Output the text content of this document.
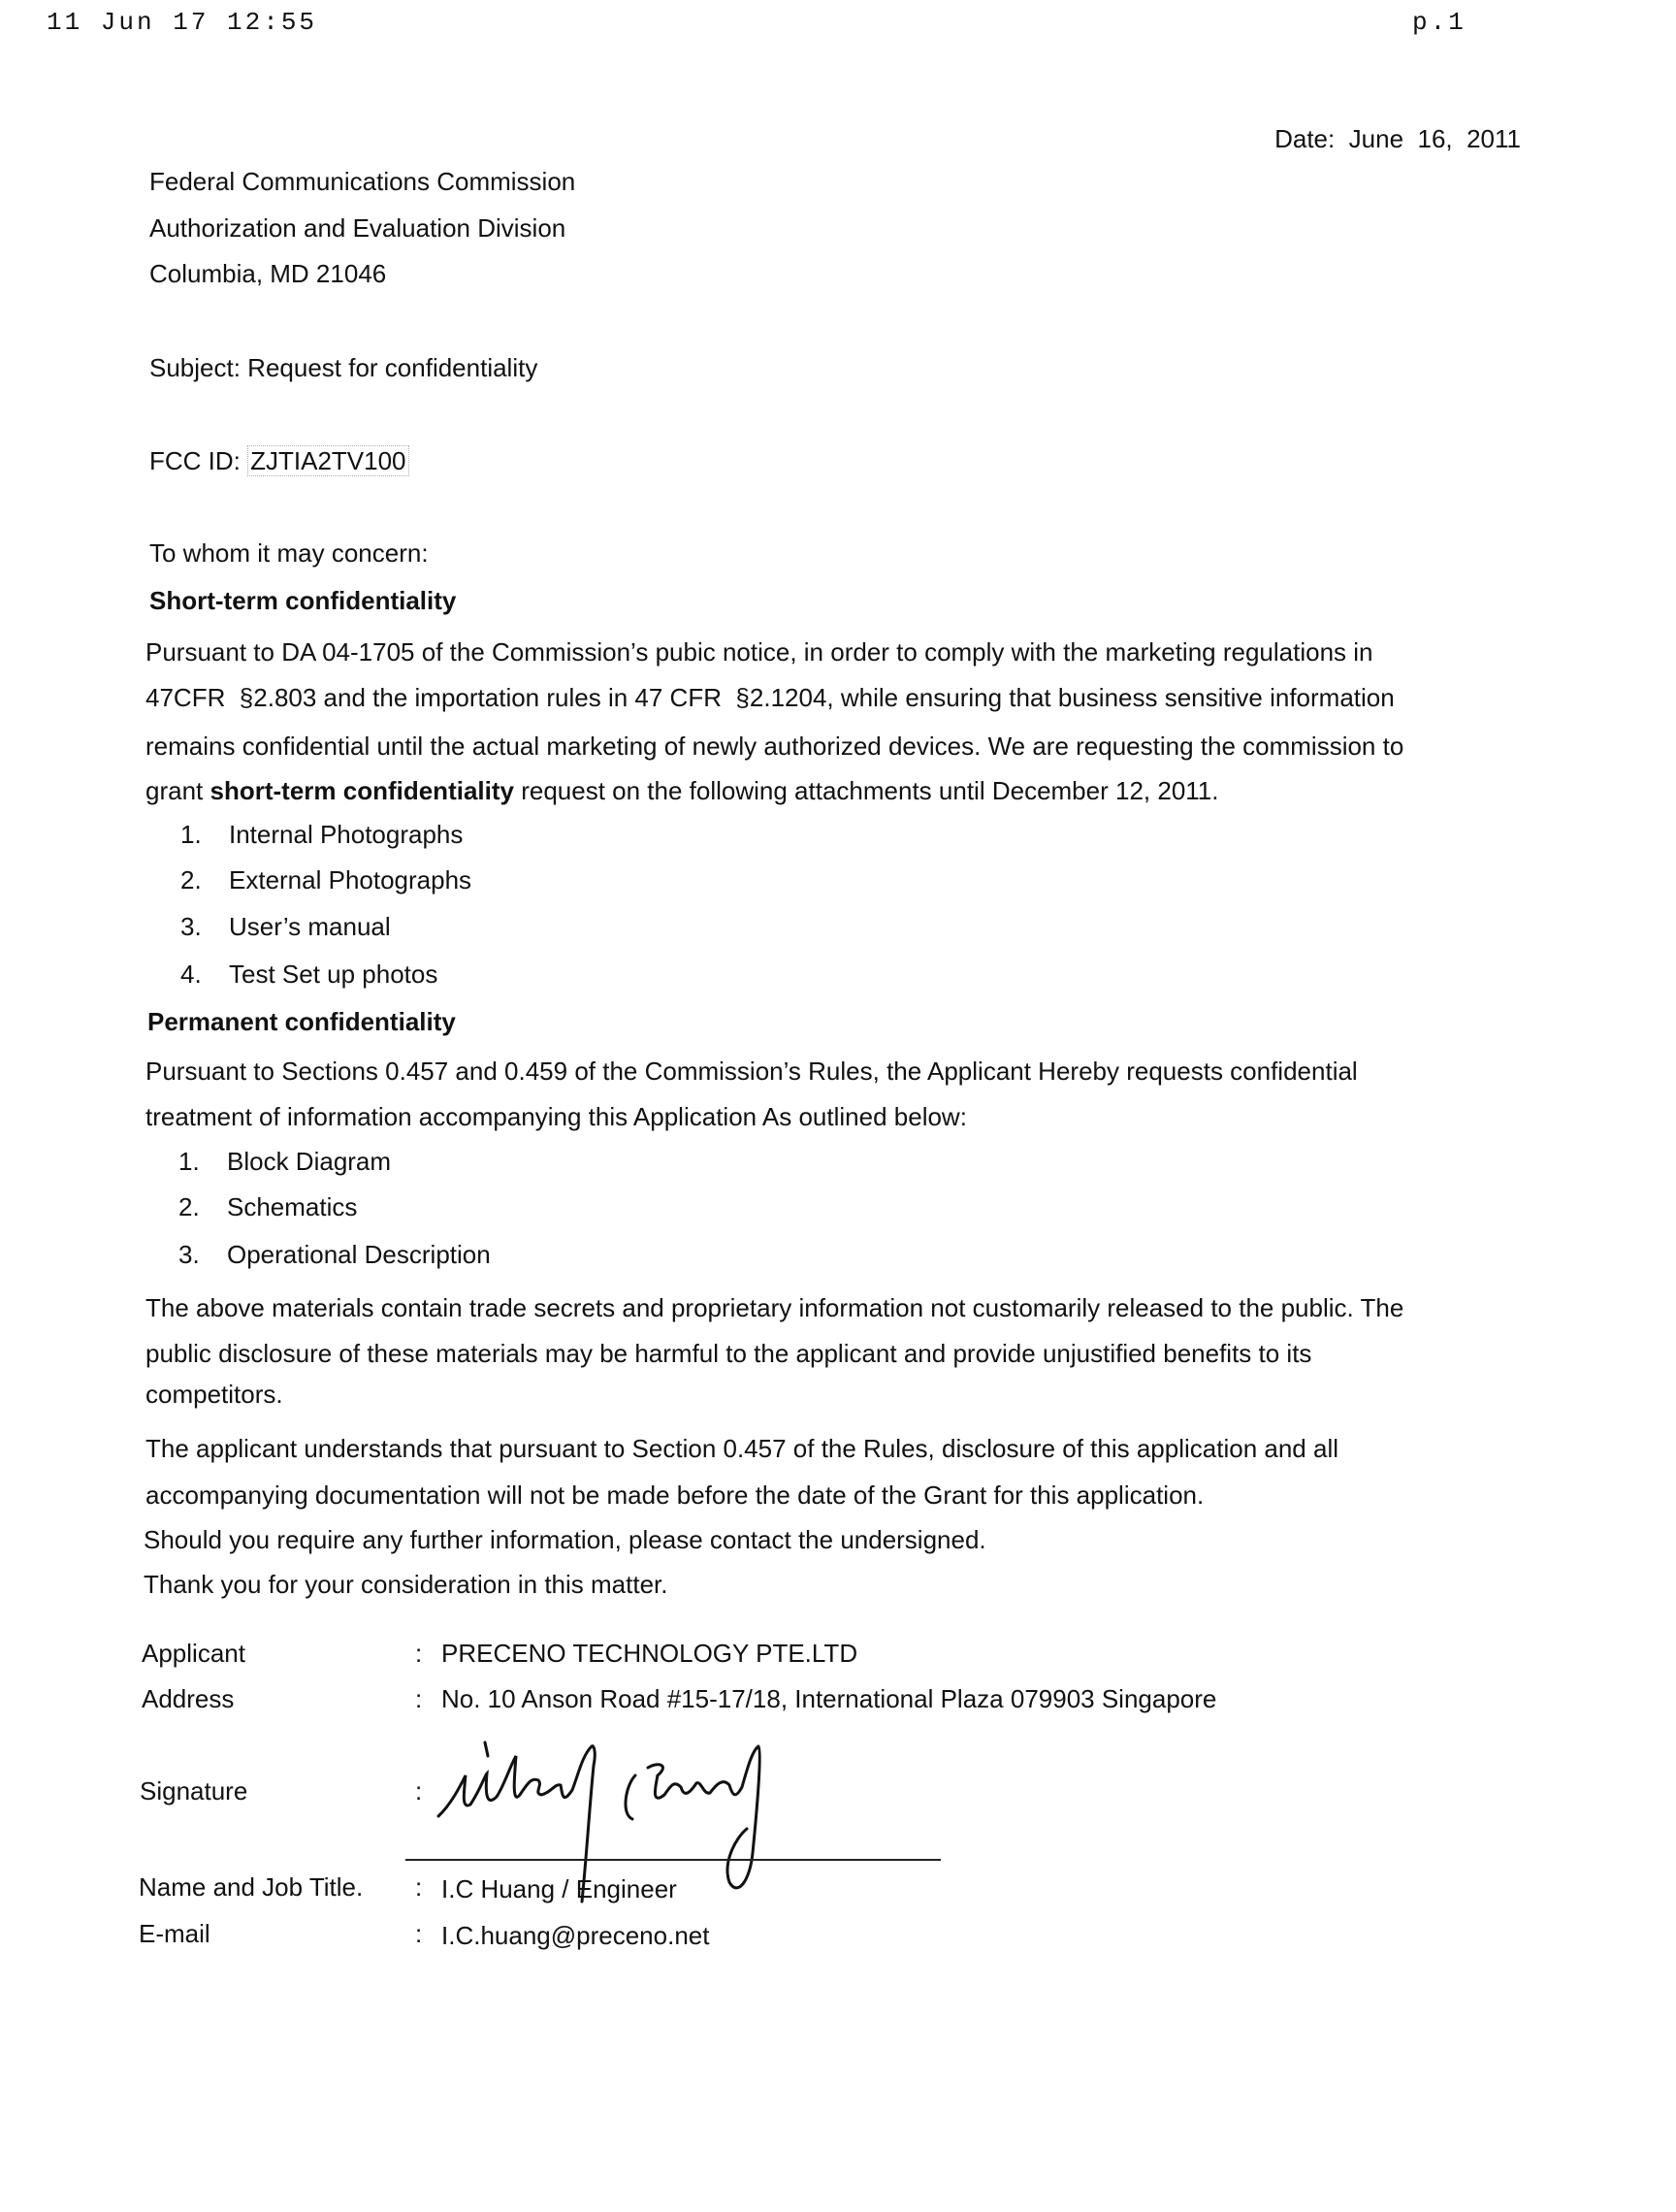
11 Jun 17 12:55	p.1
Date:  June  16,  2011
Federal Communications Commission
Authorization and Evaluation Division
Columbia, MD 21046
Subject: Request for confidentiality
FCC ID: ZJTIA2TV100
To whom it may concern:
Short-term confidentiality
Pursuant to DA 04-1705 of the Commission’s pubic notice, in order to comply with the marketing regulations in
47CFR  §2.803 and the importation rules in 47 CFR  §2.1204, while ensuring that business sensitive information
remains confidential until the actual marketing of newly authorized devices. We are requesting the commission to
grant short-term confidentiality request on the following attachments until December 12, 2011.
1. Internal Photographs
2. External Photographs
3. User’s manual
4. Test Set up photos
Permanent confidentiality
Pursuant to Sections 0.457 and 0.459 of the Commission’s Rules, the Applicant Hereby requests confidential
treatment of information accompanying this Application As outlined below:
1. Block Diagram
2. Schematics
3. Operational Description
The above materials contain trade secrets and proprietary information not customarily released to the public. The
public disclosure of these materials may be harmful to the applicant and provide unjustified benefits to its
competitors.
The applicant understands that pursuant to Section 0.457 of the Rules, disclosure of this application and all
accompanying documentation will not be made before the date of the Grant for this application.
Should you require any further information, please contact the undersigned.
Thank you for your consideration in this matter.
Applicant	: PRECENO TECHNOLOGY PTE.LTD
Address	: No. 10 Anson Road #15-17/18, International Plaza 079903 Singapore
Signature	:
Name and Job Title. : I.C Huang / Engineer
E-mail	: I.C.huang@preceno.net
